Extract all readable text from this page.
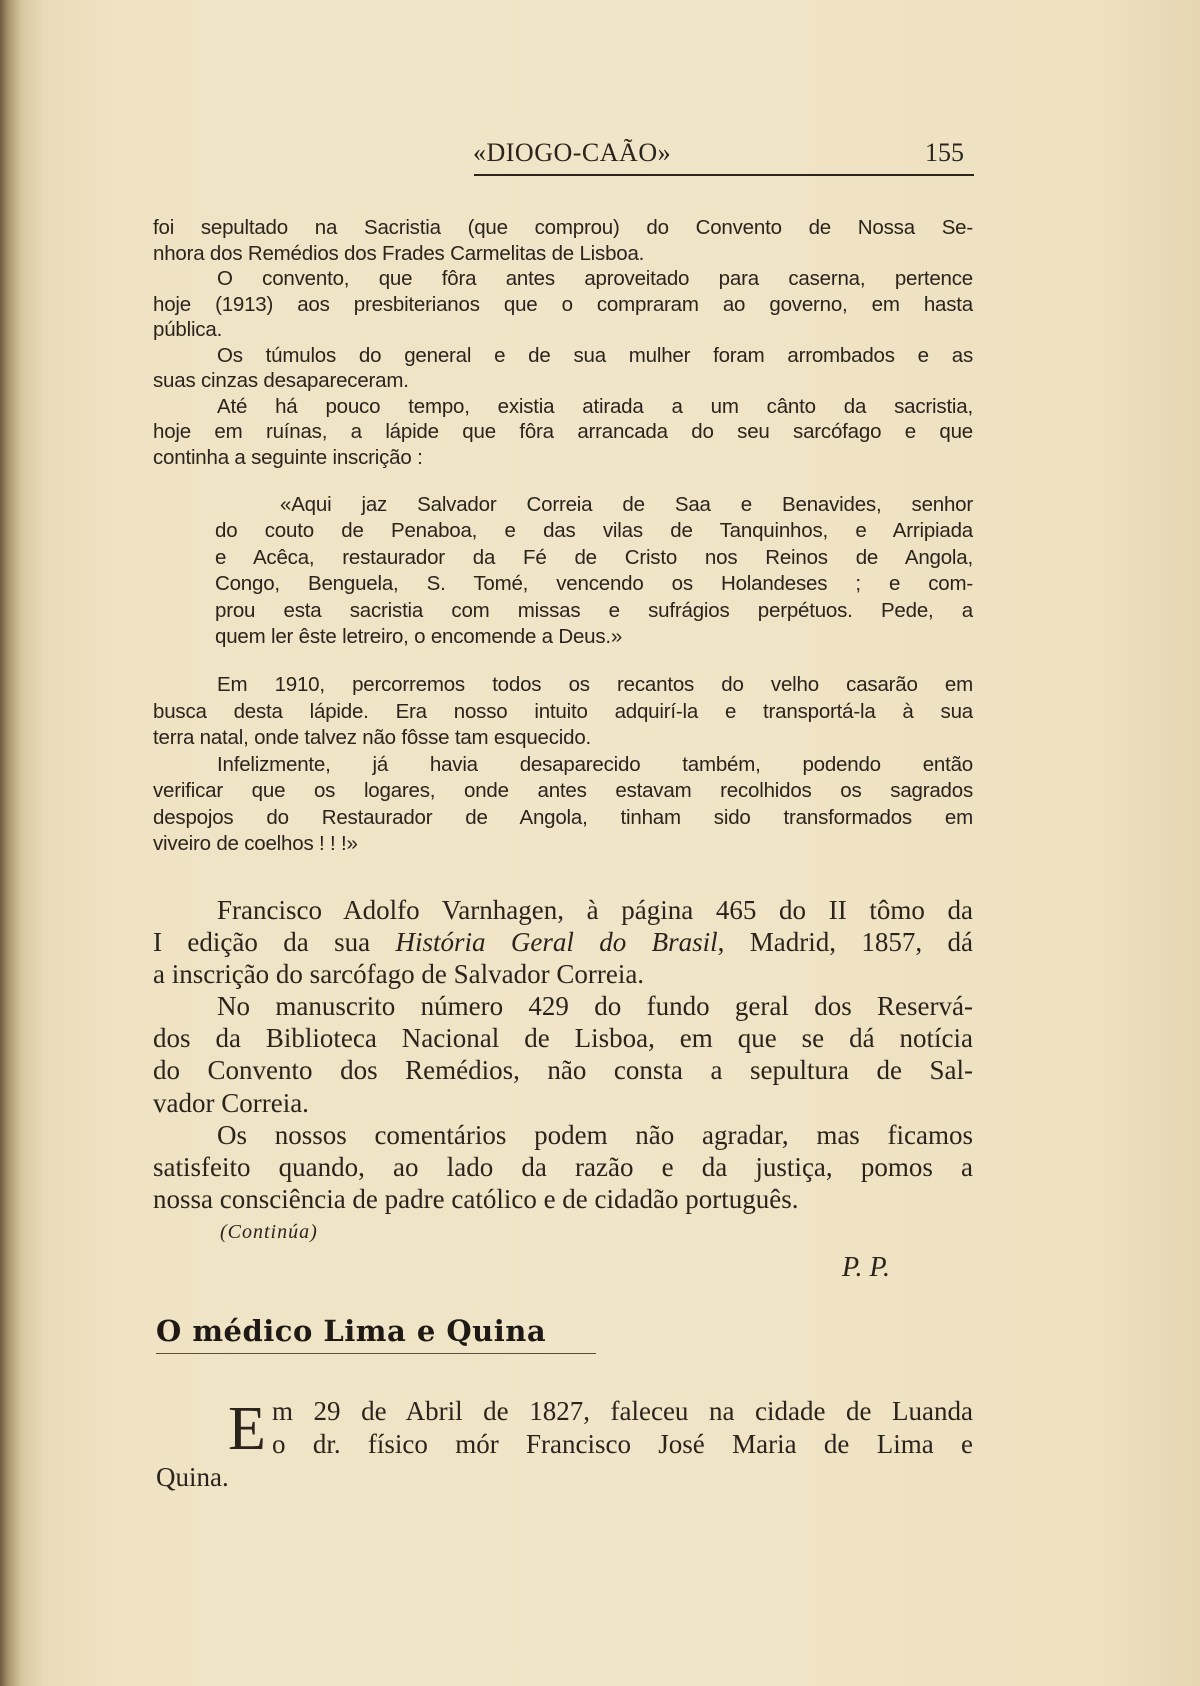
«DIOGO-CAÃO»	155
foi sepultado na Sacristia (que comprou) do Convento de Nossa Se-
nhora dos Remédios dos Frades Carmelitas de Lisboa.
O convento, que fôra antes aproveitado para caserna, pertence
hoje (1913) aos presbiterianos que o compraram ao governo, em hasta
pública.
Os túmulos do general e de sua mulher foram arrombados e as
suas cinzas desapareceram.
Até há pouco tempo, existia atirada a um cânto da sacristia,
hoje em ruínas, a lápide que fôra arrancada do seu sarcófago e que
continha a seguinte inscrição :
«Aqui jaz Salvador Correia de Saa e Benavides, senhor
do couto de Penaboa, e das vilas de Tanquinhos, e Arripiada
e Acêca, restaurador da Fé de Cristo nos Reinos de Angola,
Congo, Benguela, S. Tomé, vencendo os Holandeses ; e com-
prou esta sacristia com missas e sufrágios perpétuos. Pede, a
quem ler êste letreiro, o encomende a Deus.»
Em 1910, percorremos todos os recantos do velho casarão em
busca desta lápide. Era nosso intuito adquirí-la e transportá-la à sua
terra natal, onde talvez não fôsse tam esquecido.
Infelizmente, já havia desaparecido também, podendo então
verificar que os logares, onde antes estavam recolhidos os sagrados
despojos do Restaurador de Angola, tinham sido transformados em
viveiro de coelhos ! ! !»
Francisco Adolfo Varnhagen, à página 465 do II tômo da
I edição da sua História Geral do Brasil, Madrid, 1857, dá
a inscrição do sarcófago de Salvador Correia.
No manuscrito número 429 do fundo geral dos Reservá-
dos da Biblioteca Nacional de Lisboa, em que se dá notícia
do Convento dos Remédios, não consta a sepultura de Sal-
vador Correia.
Os nossos comentários podem não agradar, mas ficamos
satisfeito quando, ao lado da razão e da justiça, pomos a
nossa consciência de padre católico e de cidadão português.
(Continúa)
P. P.
O médico Lima e Quina
E m 29 de Abril de 1827, faleceu na cidade de Luanda
o dr. físico mór Francisco José Maria de Lima e
Quina.
